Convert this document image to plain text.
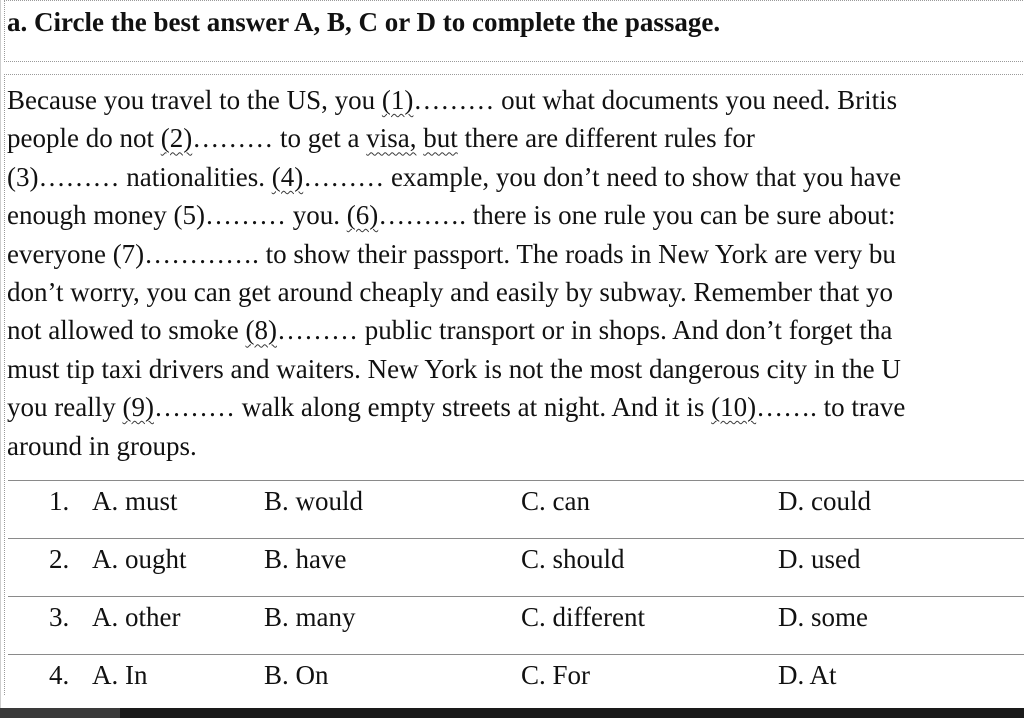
a. Circle the best answer A, B, C or D to complete the passage.
Because you travel to the US, you (1)……… out what documents you need. Britis
people do not (2)……… to get a visa, but there are different rules for
(3)……… nationalities. (4)……… example, you don’t need to show that you have
enough money (5)……… you. (6)………. there is one rule you can be sure about:
everyone (7)…………. to show their passport. The roads in New York are very bu
don’t worry, you can get around cheaply and easily by subway. Remember that yo
not allowed to smoke (8)……… public transport or in shops. And don’t forget tha
must tip taxi drivers and waiters. New York is not the most dangerous city in the U
you really (9)……… walk along empty streets at night. And it is (10)……. to trave
around in groups.
1. A. must	B. would	C. can	D. could

2. A. ought	B. have	C. should	D. used

3. A. other	B. many	C. different	D. some

4. A. In	B. On	C. For	D. At
